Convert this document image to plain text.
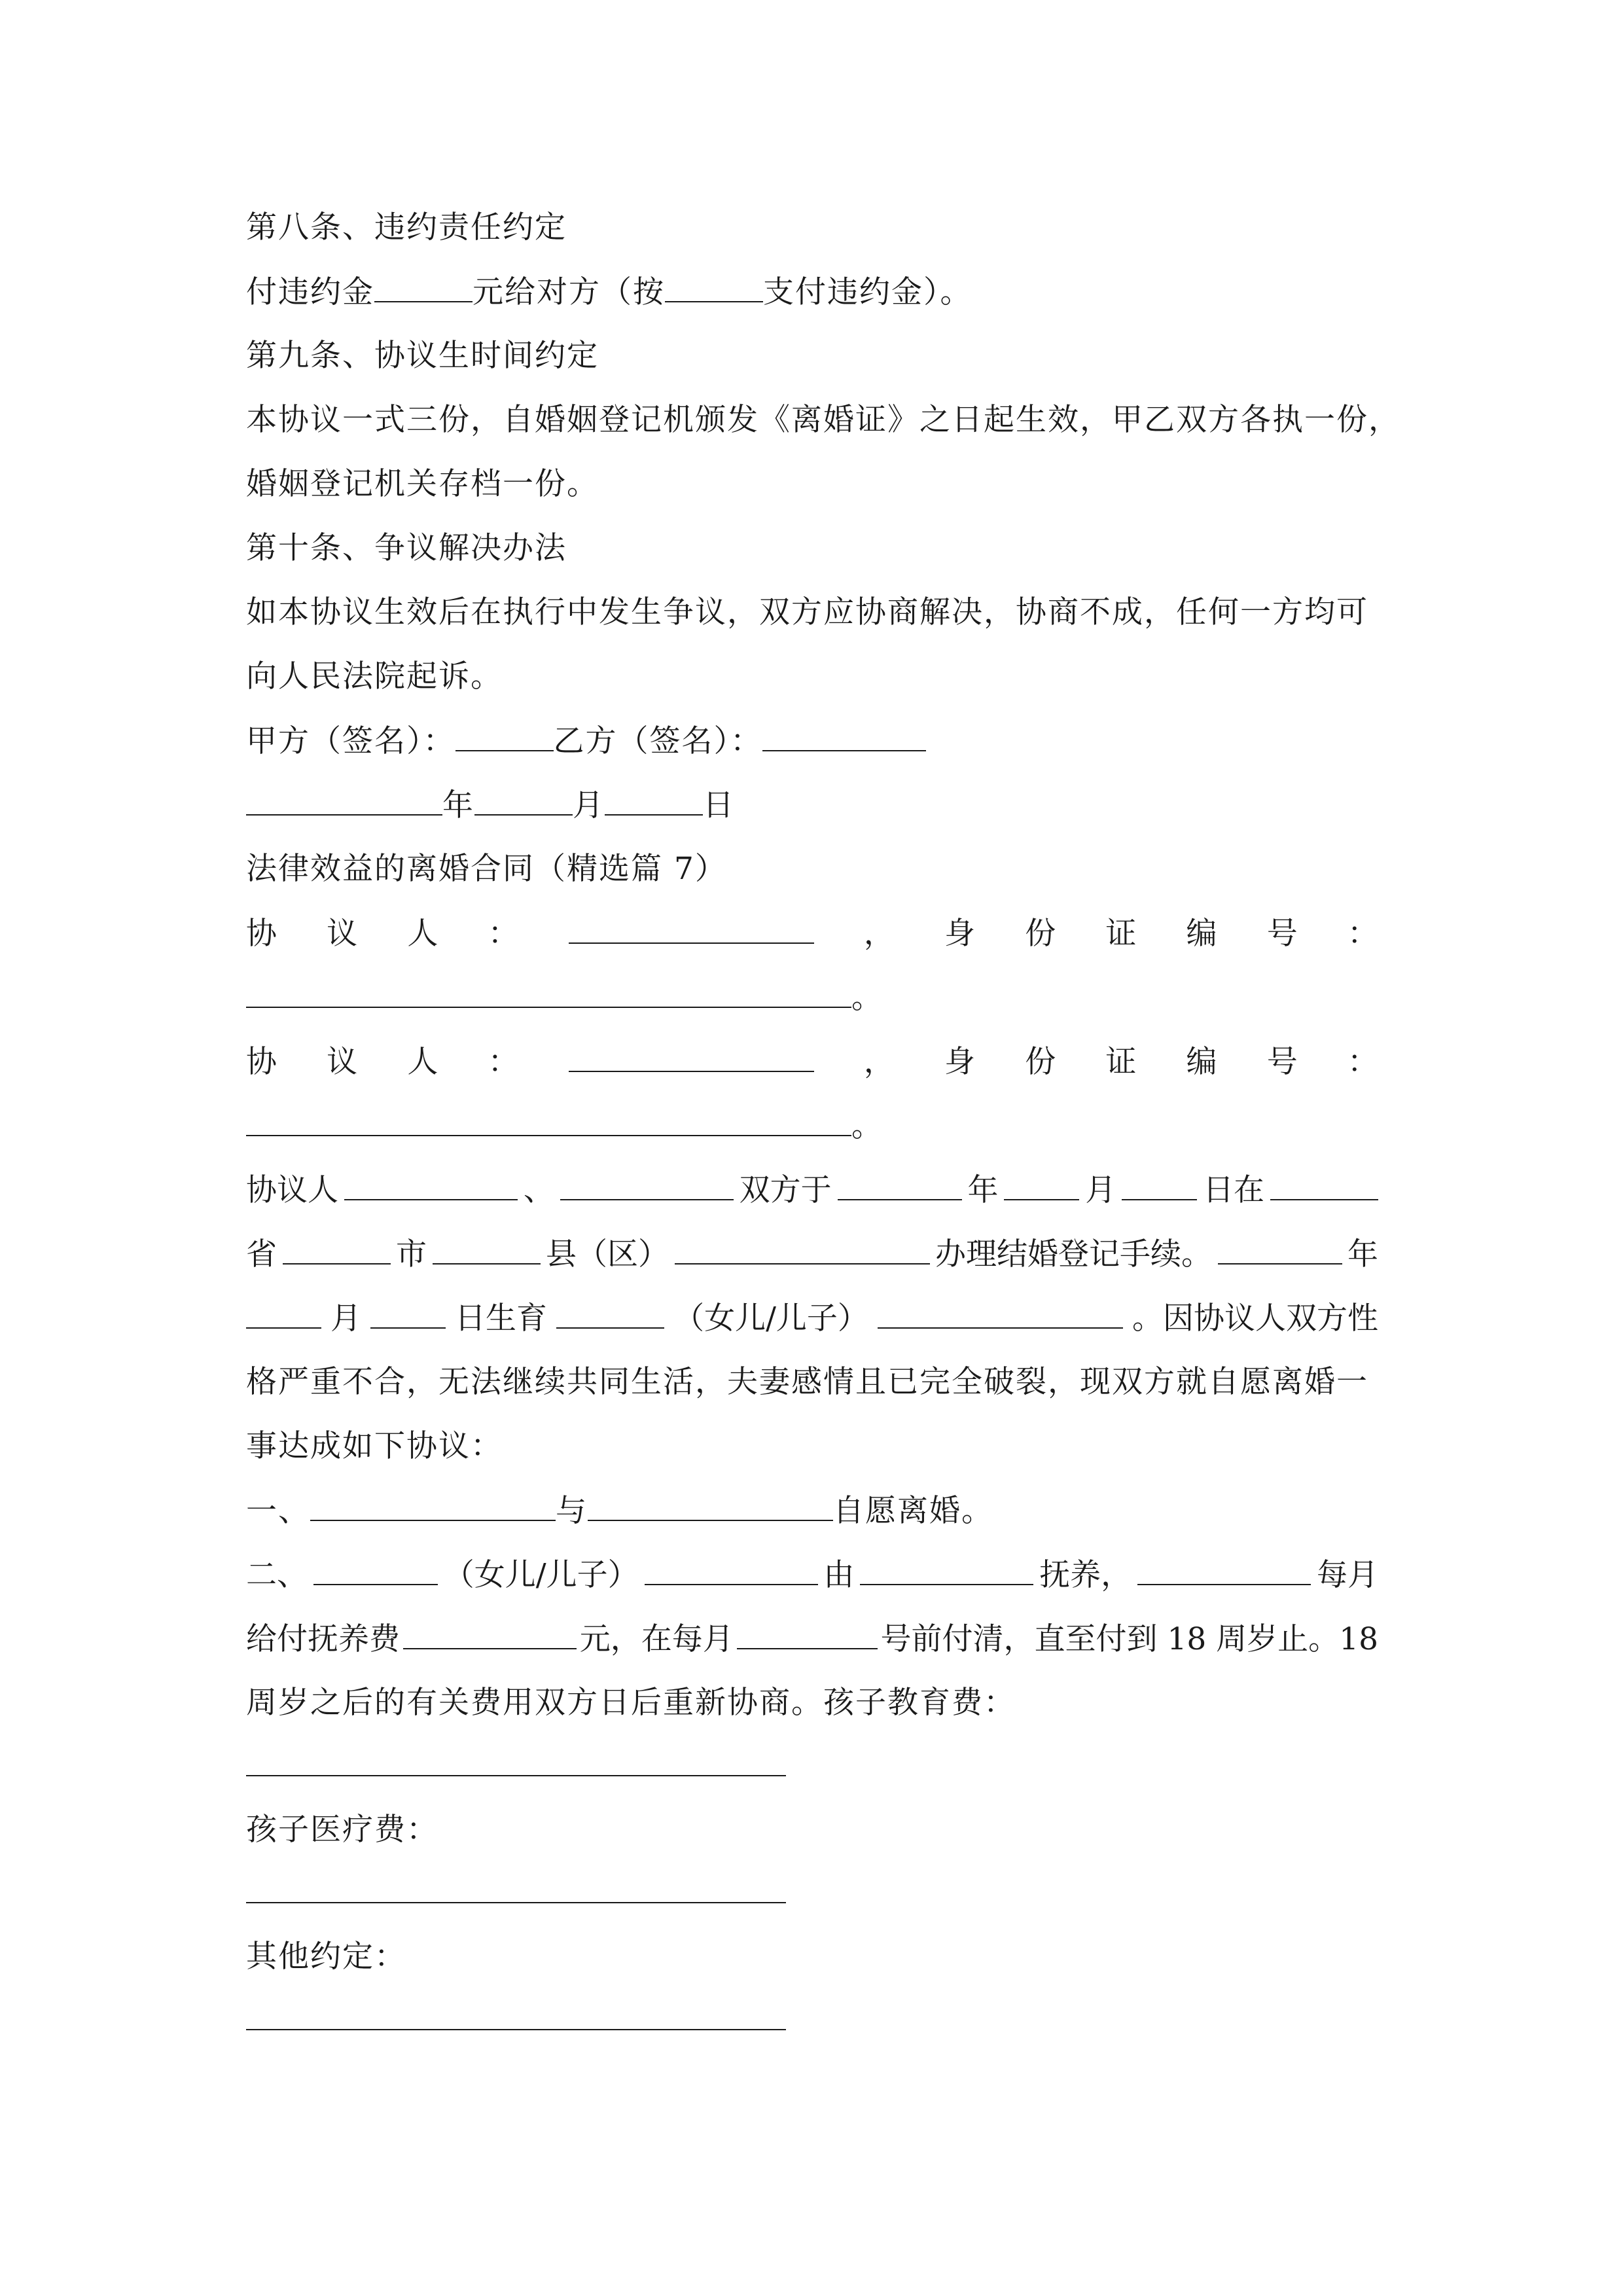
第八条、违约责任约定
付违约金	元给对方（按	支付违约金）。
第九条、协议生时间约定
本协议一式三份，自婚姻登记机颁发《离婚证》之日起生效，甲乙双方各执一份，
婚姻登记机关存档一份。
第十条、争议解决办法
如本协议生效后在执行中发生争议，双方应协商解决，协商不成，任何一方均可
向人民法院起诉。
甲方（签名）：	乙方（签名）：
年	月	日
法律效益的离婚合同（精选篇 7）
协 议 人 ：	， 身 份 证 编 号 ：
。
协 议 人 ：	， 身 份 证 编 号 ：
。
协议人	、	双方于	年	月	日在
省	市	县（区）	办理结婚登记手续。	年
月	日生育	（女儿/儿子）	。因协议人双方性
格严重不合，无法继续共同生活，夫妻感情且已完全破裂，现双方就自愿离婚一
事达成如下协议：
一、	与	自愿离婚。
二、	（女儿/儿子）	由	抚养，	每月
给付抚养费	元，在每月	号前付清，直至付到 18 周岁止。18
周岁之后的有关费用双方日后重新协商。孩子教育费：
孩子医疗费：
其他约定：
